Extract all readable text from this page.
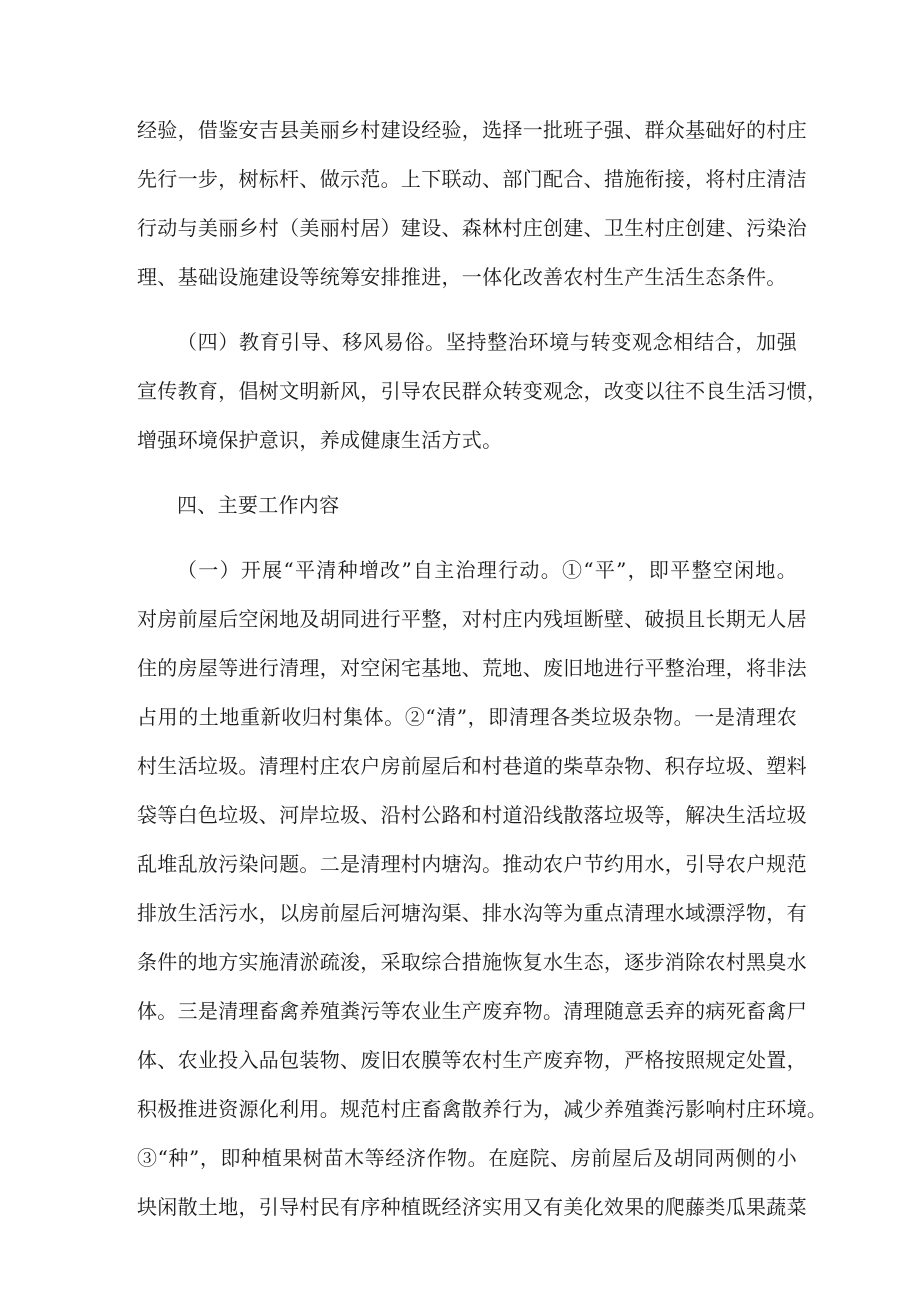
经验，借鉴安吉县美丽乡村建设经验，选择一批班子强、群众基础好的村庄
先行一步，树标杆、做示范。上下联动、部门配合、措施衔接，将村庄清洁
行动与美丽乡村（美丽村居）建设、森林村庄创建、卫生村庄创建、污染治
理、基础设施建设等统筹安排推进，一体化改善农村生产生活生态条件。
（四）教育引导、移风易俗。坚持整治环境与转变观念相结合，加强
宣传教育，倡树文明新风，引导农民群众转变观念，改变以往不良生活习惯，
增强环境保护意识，养成健康生活方式。
四、主要工作内容
（一）开展“平清种增改”自主治理行动。①“平”，即平整空闲地。
对房前屋后空闲地及胡同进行平整，对村庄内残垣断壁、破损且长期无人居
住的房屋等进行清理，对空闲宅基地、荒地、废旧地进行平整治理，将非法
占用的土地重新收归村集体。②“清”，即清理各类垃圾杂物。一是清理农
村生活垃圾。清理村庄农户房前屋后和村巷道的柴草杂物、积存垃圾、塑料
袋等白色垃圾、河岸垃圾、沿村公路和村道沿线散落垃圾等，解决生活垃圾
乱堆乱放污染问题。二是清理村内塘沟。推动农户节约用水，引导农户规范
排放生活污水，以房前屋后河塘沟渠、排水沟等为重点清理水域漂浮物，有
条件的地方实施清淤疏浚，采取综合措施恢复水生态，逐步消除农村黑臭水
体。三是清理畜禽养殖粪污等农业生产废弃物。清理随意丢弃的病死畜禽尸
体、农业投入品包装物、废旧农膜等农村生产废弃物，严格按照规定处置，
积极推进资源化利用。规范村庄畜禽散养行为，减少养殖粪污影响村庄环境。
③“种”，即种植果树苗木等经济作物。在庭院、房前屋后及胡同两侧的小
块闲散土地，引导村民有序种植既经济实用又有美化效果的爬藤类瓜果蔬菜
